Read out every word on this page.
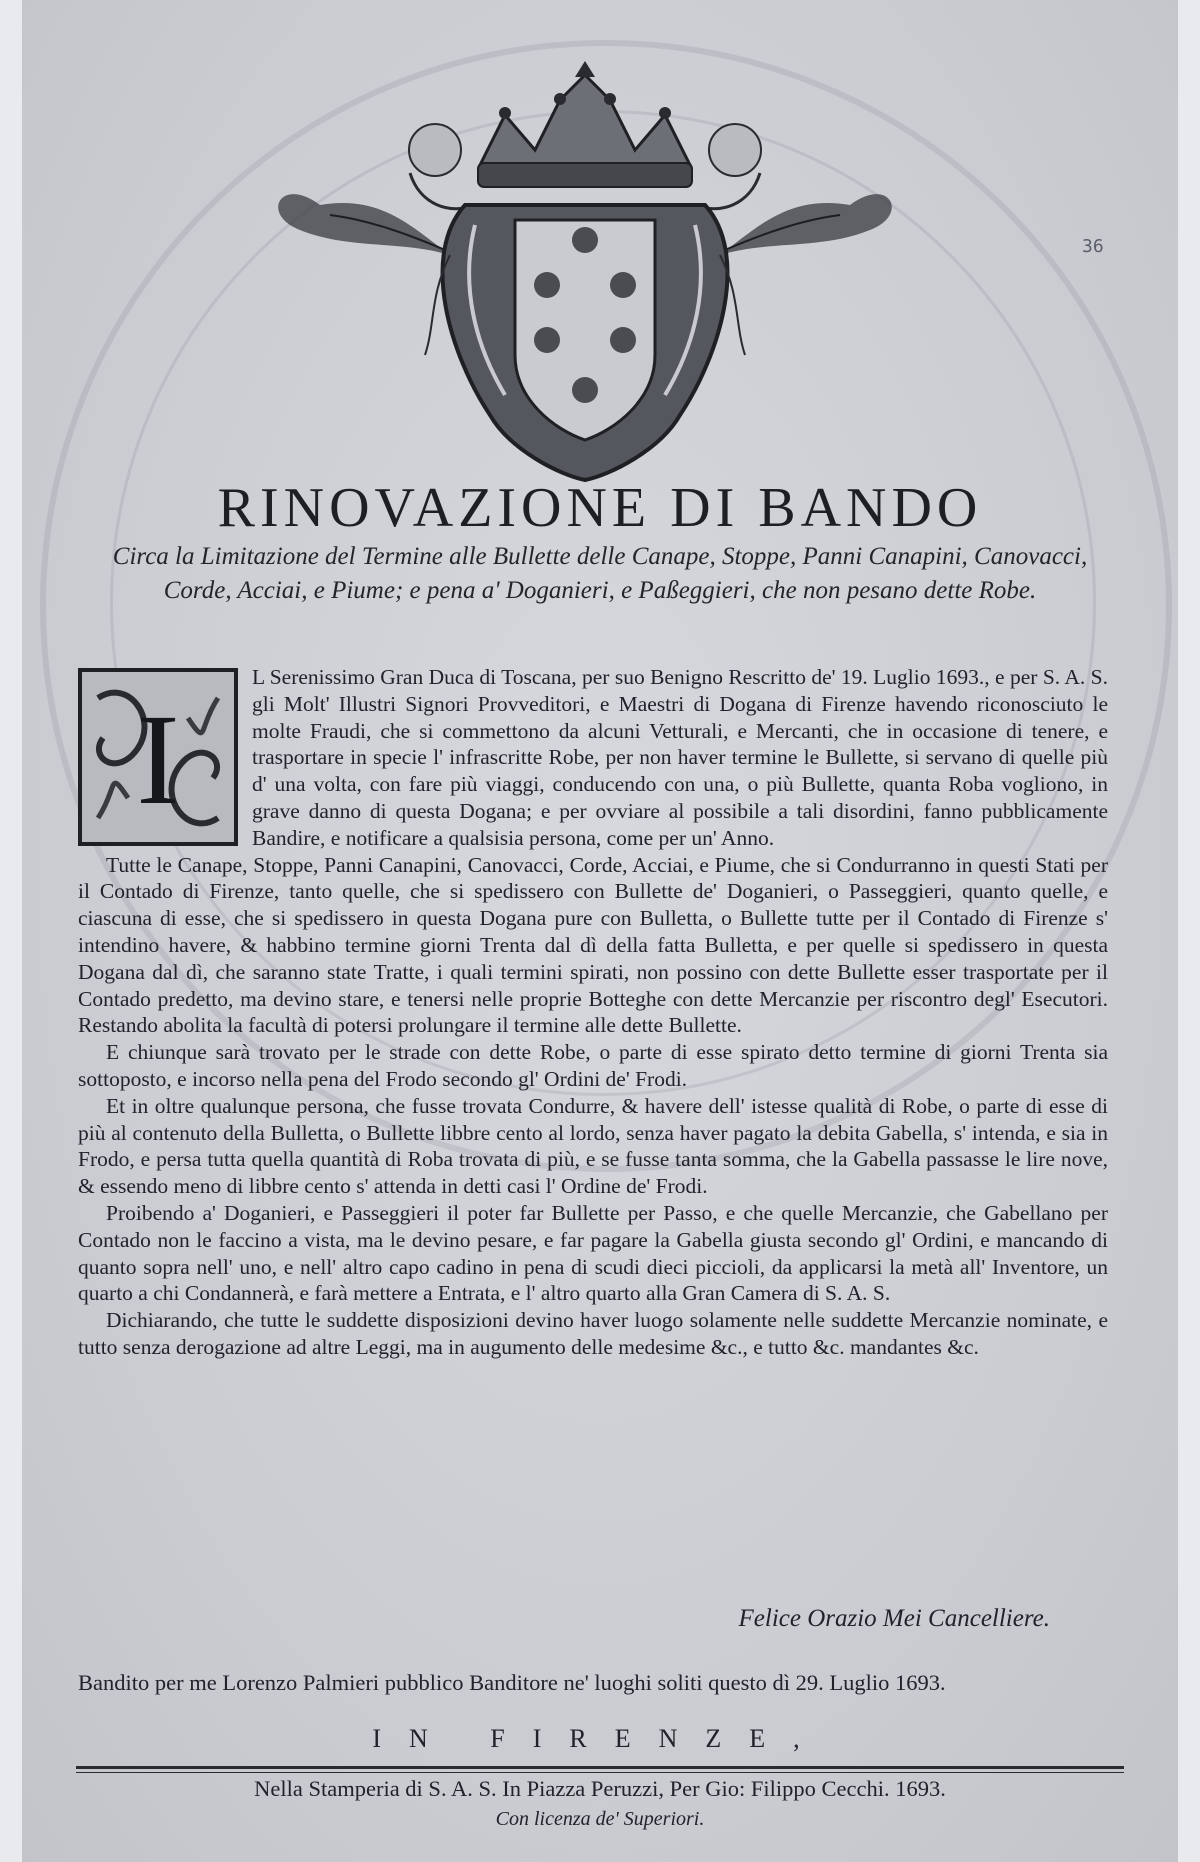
36
RINOVAZIONE DI BANDO
Circa la Limitazione del Termine alle Bullette delle Canape, Stoppe, Panni Canapini, Canovacci, Corde, Acciai, e Piume; e pena a' Doganieri, e Paßeggieri, che non pesano dette Robe.
I

L Serenissimo Gran Duca di Toscana, per suo Benigno Rescritto de' 19. Luglio 1693., e per S. A. S. gli Molt' Illustri Signori Provveditori, e Maestri di Dogana di Firenze havendo riconosciuto le molte Fraudi, che si commettono da alcuni Vetturali, e Mercanti, che in occasione di tenere, e trasportare in specie l' infrascritte Robe, per non haver termine le Bullette, si servano di quelle più d' una volta, con fare più viaggi, conducendo con una, o più Bullette, quanta Roba vogliono, in grave danno di questa Dogana; e per ovviare al possibile a tali disordini, fanno pubblicamente Bandire, e notificare a qualsisia persona, come per un' Anno.

Tutte le Canape, Stoppe, Panni Canapini, Canovacci, Corde, Acciai, e Piume, che si Condurranno in questi Stati per il Contado di Firenze, tanto quelle, che si spedissero con Bullette de' Doganieri, o Passeggieri, quanto quelle, e ciascuna di esse, che si spedissero in questa Dogana pure con Bulletta, o Bullette tutte per il Contado di Firenze s' intendino havere, & habbino termine giorni Trenta dal dì della fatta Bulletta, e per quelle si spedissero in questa Dogana dal dì, che saranno state Tratte, i quali termini spirati, non possino con dette Bullette esser trasportate per il Contado predetto, ma devino stare, e tenersi nelle proprie Botteghe con dette Mercanzie per riscontro degl' Esecutori. Restando abolita la facultà di potersi prolungare il termine alle dette Bullette.

E chiunque sarà trovato per le strade con dette Robe, o parte di esse spirato detto termine di giorni Trenta sia sottoposto, e incorso nella pena del Frodo secondo gl' Ordini de' Frodi.

Et in oltre qualunque persona, che fusse trovata Condurre, & havere dell' istesse qualità di Robe, o parte di esse di più al contenuto della Bulletta, o Bullette libbre cento al lordo, senza haver pagato la debita Gabella, s' intenda, e sia in Frodo, e persa tutta quella quantità di Roba trovata di più, e se fusse tanta somma, che la Gabella passasse le lire nove, & essendo meno di libbre cento s' attenda in detti casi l' Ordine de' Frodi.

Proibendo a' Doganieri, e Passeggieri il poter far Bullette per Passo, e che quelle Mercanzie, che Gabellano per Contado non le faccino a vista, ma le devino pesare, e far pagare la Gabella giusta secondo gl' Ordini, e mancando di quanto sopra nell' uno, e nell' altro capo cadino in pena di scudi dieci piccioli, da applicarsi la metà all' Inventore, un quarto a chi Condannerà, e farà mettere a Entrata, e l' altro quarto alla Gran Camera di S. A. S.

Dichiarando, che tutte le suddette disposizioni devino haver luogo solamente nelle suddette Mercanzie nominate, e tutto senza derogazione ad altre Leggi, ma in augumento delle medesime &c., e tutto &c. mandantes &c.

Felice Orazio Mei Cancelliere.
Bandito per me Lorenzo Palmieri pubblico Banditore ne' luoghi soliti questo dì 29. Luglio 1693.
IN FIRENZE,
Nella Stamperia di S. A. S. In Piazza Peruzzi, Per Gio: Filippo Cecchi. 1693.
Con licenza de' Superiori.
